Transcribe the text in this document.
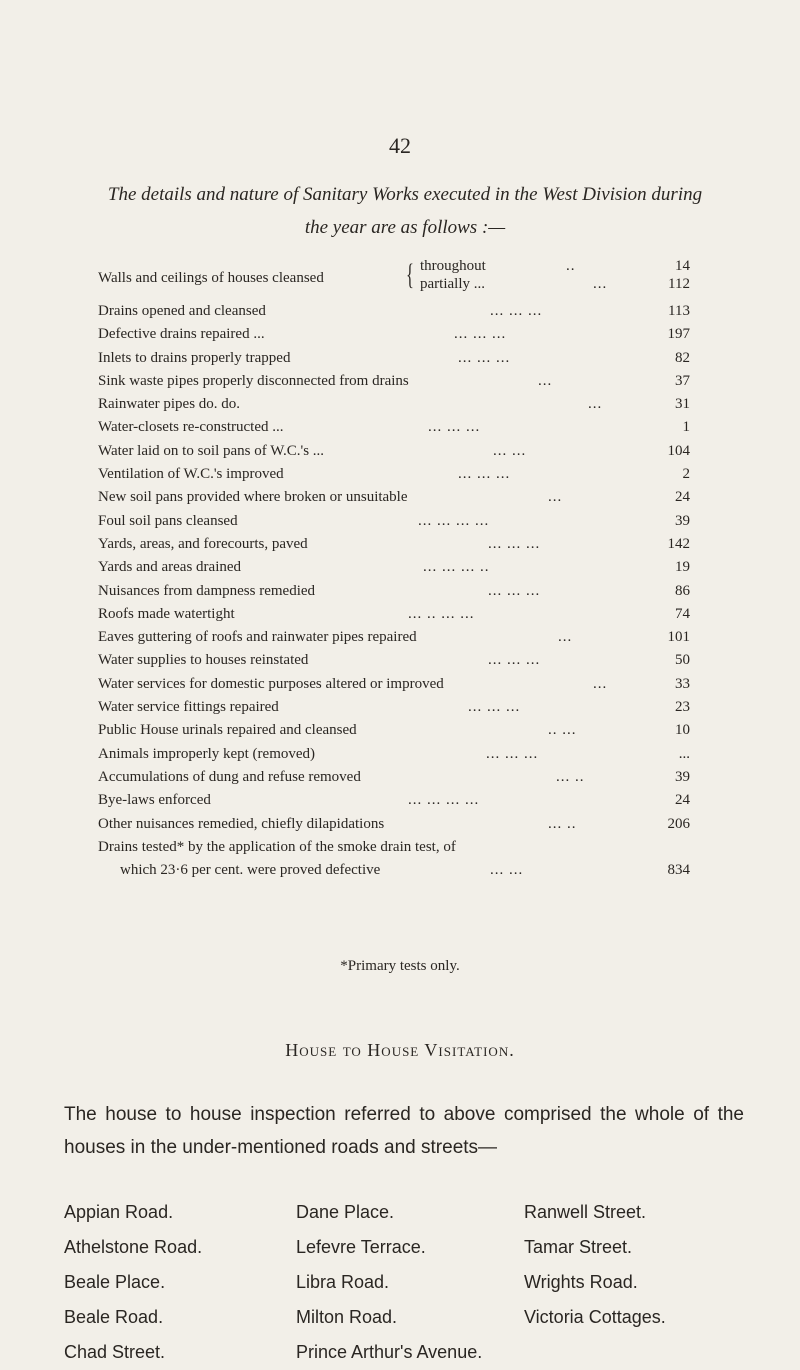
42
The details and nature of Sanitary Works executed in the West Division during the year are as follows :—
Walls and ceilings of houses cleansed	{ throughout	..	14
partially ...	...	112
Drains opened and cleansed	... ... ...	113
Defective drains repaired ...	... ... ...	197
Inlets to drains properly trapped	... ... ...	82
Sink waste pipes properly disconnected from drains	...	37
Rainwater pipes do. do.	...	31
Water-closets re-constructed ...	... ... ...	1
Water laid on to soil pans of W.C.'s ...	... ...	104
Ventilation of W.C.'s improved	... ... ...	2
New soil pans provided where broken or unsuitable	...	24
Foul soil pans cleansed	... ... ... ...	39
Yards, areas, and forecourts, paved	... ... ...	142
Yards and areas drained	... ... ... ..	19
Nuisances from dampness remedied	... ... ...	86
Roofs made watertight	... .. ... ...	74
Eaves guttering of roofs and rainwater pipes repaired	...	101
Water supplies to houses reinstated	... ... ...	50
Water services for domestic purposes altered or improved	...	33
Water service fittings repaired	... ... ...	23
Public House urinals repaired and cleansed	.. ...	10
Animals improperly kept (removed)	... ... ...	...
Accumulations of dung and refuse removed	... ..	39
Bye-laws enforced	... ... ... ...	24
Other nuisances remedied, chiefly dilapidations	... ..	206
Drains tested* by the application of the smoke drain test, of
which 23·6 per cent. were proved defective	... ...	834
*Primary tests only.
House to House Visitation.
The house to house inspection referred to above comprised the whole of the houses in the under-mentioned roads and streets—
Appian Road.
Athelstone Road.
Beale Place.
Beale Road.
Chad Street.
Dane Place.
Lefevre Terrace.
Libra Road.
Milton Road.
Prince Arthur's Avenue.
Ranwell Street.
Tamar Street.
Wrights Road.
Victoria Cottages.
